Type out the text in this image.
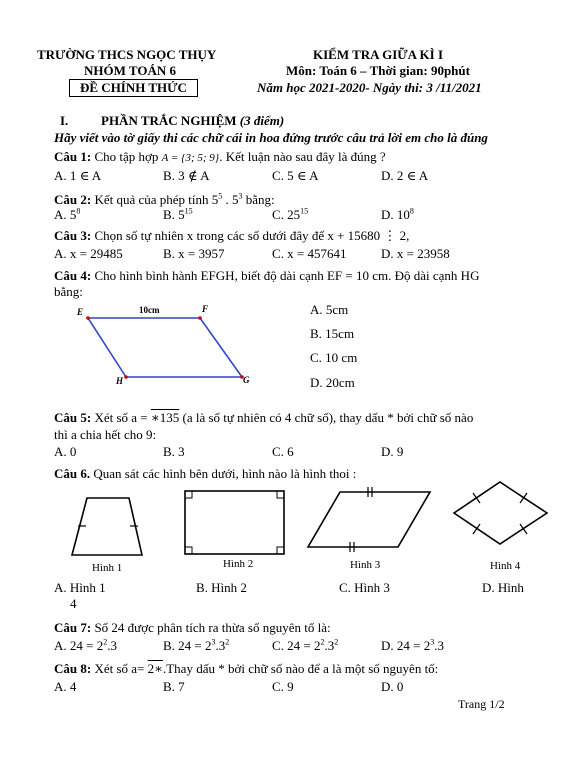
TRƯỜNG THCS NGỌC THỤY
NHÓM TOÁN 6
ĐỀ CHÍNH THỨC
KIỂM TRA GIỮA KÌ I
Môn: Toán 6 – Thời gian: 90phút
Năm học 2021-2020- Ngày thi: 3 /11/2021
I.	PHẦN TRẮC NGHIỆM (3 điểm)
Hãy viết vào tờ giấy thi các chữ cái in hoa đứng trước câu trả lời em cho là đúng
Câu 1: Cho tập hợp A = {3; 5; 9}. Kết luận nào sau đây là đúng ?
A. 1 ∈ A	B. 3 ∉ A	C. 5 ∈ A	D. 2 ∈ A
Câu 2: Kết quả của phép tính $5^5$ . $5^3$ bằng:
A. $5^8$	B. $5^{15}$	C. $25^{15}$	D. $10^8$
Câu 3: Chọn số tự nhiên x trong các số dưới đây để x + 15680 ⋮ 2,
A. x = 29485	B. x = 3957	C. x = 457641	D. x = 23958
Câu 4: Cho hình bình hành EFGH, biết độ dài cạnh EF = 10 cm. Độ dài cạnh HG
bằng:
E	F
G
H
10cm	A. 5cm
B. 15cm
C. 10 cm
D. 20cm
Câu 5: Xét số a = ∗135 (a là số tự nhiên có 4 chữ số), thay dấu * bởi chữ số nào
thì a chia hết cho 9:
A. 0	B. 3	C. 6	D. 9
Câu 6. Quan sát các hình bên dưới, hình nào là hình thoi :
Hình 1	Hình 2	Hình 3	Hình 4
A. Hình 1	B. Hình 2	C. Hình 3	D. Hình
4
Câu 7: Số 24 được phân tích ra thừa số nguyên tố là:
A. $24 = 2^2.3$	B. $24 = 2^3.3^2$	C. $24 = 2^2.3^2$	D. $24 = 2^3.3$
Câu 8: Xét số a= 2∗.Thay dấu * bởi chữ số nào để a là một số nguyên tố:
A. 4	B. 7	C. 9	D. 0
Trang 1/2
